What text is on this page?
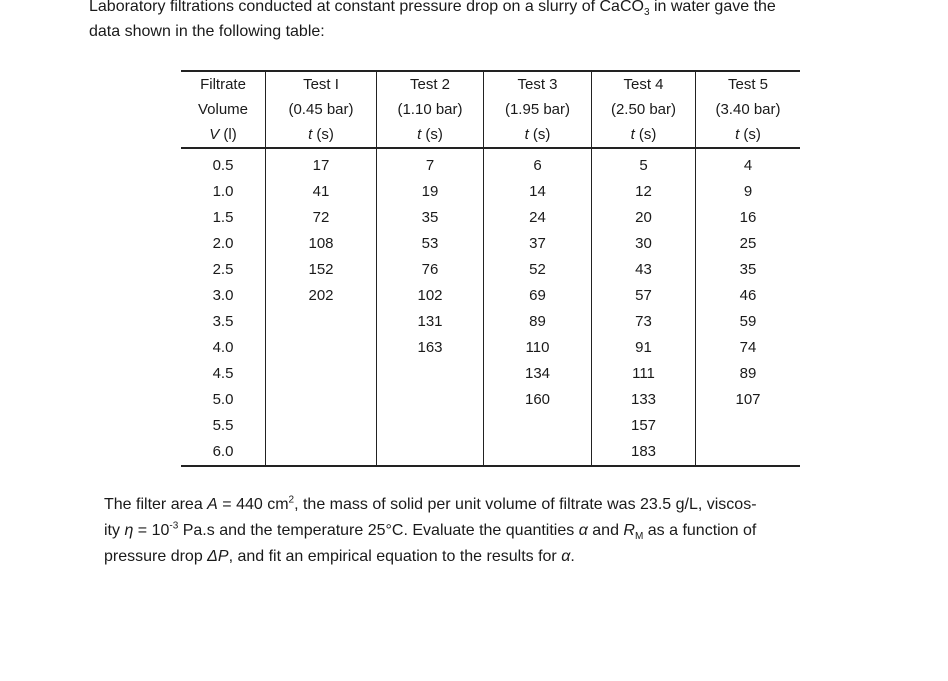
Laboratory filtrations conducted at constant pressure drop on a slurry of CaCO$_3$ in water gave the
data shown in the following table:

Filtrate	Test I	Test 2	Test 3	Test 4	Test 5
Volume	(0.45 bar)	(1.10 bar)	(1.95 bar)	(2.50 bar)	(3.40 bar)
V (l)	t (s)	t (s)	t (s)	t (s)	t (s)
0.5	17	7	6	5	4
1.0	41	19	14	12	9
1.5	72	35	24	20	16
2.0	108	53	37	30	25
2.5	152	76	52	43	35
3.0	202	102	69	57	46
3.5		131	89	73	59
4.0		163	110	91	74
4.5			134	111	89
5.0			160	133	107
5.5				157	
6.0				183	

The filter area A = 440 $cm^2$, the mass of solid per unit volume of filtrate was 23.5 g/L, viscos-
ity $\eta = 10^{-3}$ Pa.s and the temperature 25°C. Evaluate the quantities α and $R_M$ as a function of
pressure drop ΔP, and fit an empirical equation to the results for α.
